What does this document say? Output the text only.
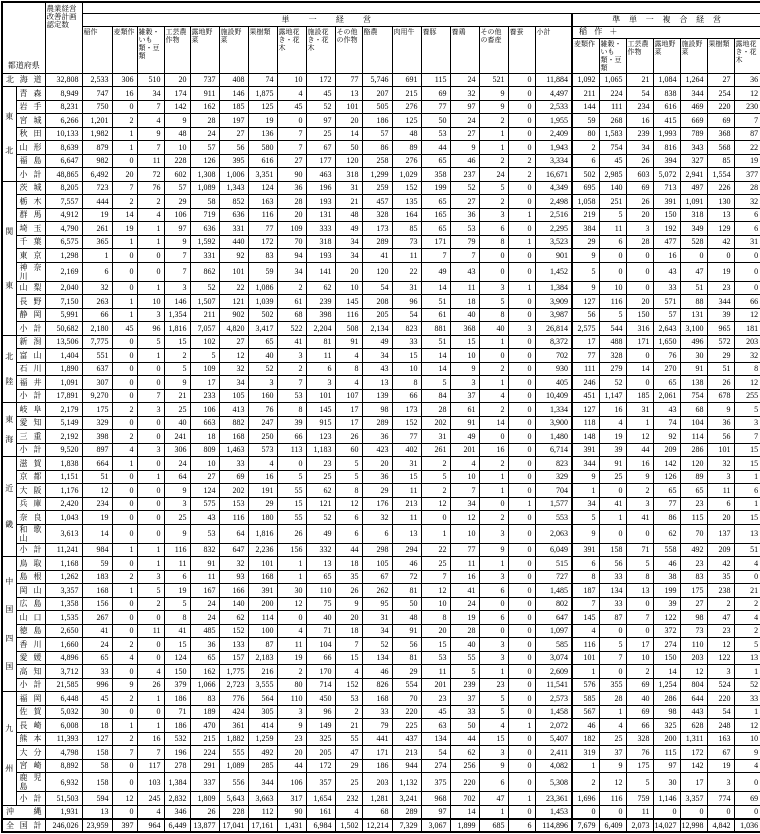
都道府県		農業経営改善計画認定数																								
			単一経営																	準単一複合経営						
			稲作	麦類作	雑穀・いも類・豆類	工芸農作物	露地野菜	施設野菜	果樹類	露地花き・花木	施設花き・花木	その他の作物	酪農	肉用牛	養豚	養鶏	その他の畜産	養蚕	小計	稲作＋						
																				麦類作	雑穀・いも類・豆類	工芸農作物	露地野菜	施設野菜	果樹類	露地花き・花木
北海道		32,808	2,533	306	510	20	737	408	74	10	172	77	5,746	691	115	24	521	0	11,884	1,092	1,065	21	1,084	1,264	27	36

東
北	青森	8,949	747	16	34	174	911	146	1,875	4	45	13	207	215	69	32	9	0	4,497	211	224	54	838	344	254	12
	岩手	8,231	750	0	7	142	162	185	125	45	52	101	505	276	77	97	9	0	2,533	144	111	234	616	469	220	230
	宮城	6,266	1,201	2	4	9	28	197	19	0	97	20	186	125	50	24	2	0	1,955	59	268	16	415	669	69	7
	秋田	10,133	1,982	1	9	48	24	27	136	7	25	14	57	48	53	27	1	0	2,409	80	1,583	239	1,993	789	368	87
	山形	8,639	879	1	7	10	57	56	580	7	67	50	86	89	44	9	1	0	1,943	2	754	34	816	343	568	22
	福島	6,647	982	0	11	228	126	395	616	27	177	120	258	276	65	46	2	2	3,334	6	45	26	394	327	85	19
	小計	48,865	6,492	20	72	602	1,308	1,006	3,351	90	463	318	1,299	1,029	358	237	24	2	16,671	502	2,985	603	5,072	2,941	1,554	377

関
東	茨城	8,205	723	7	76	57	1,089	1,343	124	36	196	31	259	152	199	52	5	0	4,349	695	140	69	713	497	226	28
	栃木	7,557	444	2	2	29	58	852	163	28	193	21	457	135	65	27	2	0	2,498	1,058	251	26	391	1,091	130	32
	群馬	4,912	19	14	4	106	719	636	116	20	131	48	328	164	165	36	3	1	2,516	219	5	20	150	318	13	6
	埼玉	4,790	261	19	1	97	636	331	77	109	333	49	173	85	65	53	6	0	2,295	384	11	3	192	349	129	6
	千葉	6,575	365	1	1	9	1,592	440	172	70	318	34	289	73	171	79	8	1	3,523	29	6	28	477	528	42	31
	東京	1,298	1	0	0	7	331	92	83	94	193	34	41	11	7	7	0	0	901	9	0	0	16	0	0	0
	神奈川	2,169	6	0	0	7	862	101	59	34	141	20	120	22	49	43	0	0	1,452	5	0	0	43	47	19	0
	山梨	2,040	32	0	1	3	52	22	1,086	2	62	10	54	31	14	11	3	1	1,384	9	10	0	33	51	23	0
	長野	7,150	263	1	10	146	1,507	121	1,039	61	239	145	208	96	51	18	5	0	3,909	127	116	20	571	88	344	66
	静岡	5,991	66	1	3	1,354	211	902	502	68	398	116	205	54	61	40	8	0	3,987	56	5	150	57	131	39	12
	小計	50,682	2,180	45	96	1,816	7,057	4,820	3,417	522	2,204	508	2,134	823	881	368	40	3	26,814	2,575	544	316	2,643	3,100	965	181

北
陸	新潟	13,506	7,775	0	5	15	102	27	65	41	81	91	49	33	51	15	1	0	8,372	17	488	171	1,650	496	572	203
	富山	1,404	551	0	1	2	5	12	40	3	11	4	34	15	14	10	0	0	702	77	328	0	76	30	29	32
	石川	1,890	637	0	0	5	109	32	52	2	6	8	43	10	14	9	2	0	930	111	279	14	270	91	51	8
	福井	1,091	307	0	0	9	17	34	3	7	3	4	13	8	5	3	1	0	405	246	52	0	65	138	26	12
	小計	17,891	9,270	0	7	21	233	105	160	53	101	107	139	66	84	37	4	0	10,409	451	1,147	185	2,061	754	678	255

東
海	岐阜	2,179	175	2	3	25	106	413	76	8	145	17	98	173	28	61	2	0	1,334	127	16	31	43	68	9	5
	愛知	5,149	329	0	0	40	663	882	247	39	915	17	289	152	202	91	14	0	3,900	118	4	1	74	104	36	3
	三重	2,192	398	2	0	241	18	168	250	66	123	26	36	77	31	49	0	0	1,480	148	19	12	92	114	56	7
	小計	9,520	897	4	3	306	809	1,463	573	113	1,183	60	423	402	261	201	16	0	6,714	391	39	44	209	286	101	15

近
畿	滋賀	1,838	664	1	0	24	10	33	4	0	23	5	20	31	2	4	2	0	823	344	91	16	142	120	32	15
	京都	1,151	51	0	1	64	27	69	16	5	25	5	36	15	5	10	1	0	329	9	25	9	126	89	3	1
	大阪	1,176	12	0	0	9	124	202	191	55	62	8	29	11	2	7	1	0	704	1	0	2	65	65	11	6
	兵庫	2,420	234	0	0	3	575	153	29	15	121	12	176	213	12	34	0	1	1,577	34	41	3	77	23	6	1
	奈良	1,043	19	0	0	25	43	116	180	55	52	6	32	11	0	12	2	0	553	5	1	41	86	115	20	15
	和歌山	3,613	14	0	0	9	53	64	1,816	26	49	6	6	13	1	10	3	0	2,063	9	0	0	62	70	137	13
	小計	11,241	984	1	1	116	832	647	2,236	156	332	44	298	294	22	77	9	0	6,049	391	158	71	558	492	209	51

中
国
四
国	鳥取	1,168	59	0	1	11	91	32	101	1	13	18	105	46	25	11	1	0	515	6	56	5	46	23	42	4
	島根	1,262	183	2	3	6	11	93	168	1	65	35	67	72	7	16	3	0	727	8	33	8	38	83	35	0
	岡山	3,357	168	1	5	19	167	166	391	30	110	26	262	81	12	41	6	0	1,485	187	134	13	199	175	238	21
	広島	1,358	156	0	2	5	24	140	200	12	75	9	95	50	10	24	0	0	802	7	33	0	39	27	2	2
	山口	1,535	267	0	0	8	24	62	114	0	40	20	31	48	8	19	6	0	647	145	87	7	122	98	47	4
	徳島	2,650	41	0	11	41	485	152	100	4	71	18	34	91	20	28	0	0	1,097	4	0	0	372	73	23	2
	香川	1,660	24	2	0	15	36	133	87	11	104	7	52	56	15	40	3	0	585	116	5	17	274	110	12	5
	愛媛	4,896	65	4	0	124	65	157	2,183	19	66	15	134	81	53	55	3	0	3,074	101	7	10	150	203	122	13
	高知	3,712	33	0	4	150	162	1,775	216	2	170	4	46	29	11	5	1	0	2,609	1	0	2	14	12	3	1
	小計	21,585	996	9	26	379	1,066	2,723	3,555	80	714	152	826	554	201	239	23	0	11,541	576	355	69	1,254	804	524	52

九
州	福岡	6,448	45	2	1	186	83	776	564	110	450	53	168	70	23	37	5	0	2,573	585	28	40	286	644	220	33
	佐賀	5,032	30	0	0	71	189	424	305	3	96	2	33	220	45	33	5	0	1,458	567	1	69	98	443	54	1
	長崎	6,008	18	1	1	186	470	361	414	9	149	21	79	225	63	50	4	1	2,072	46	4	66	325	628	248	12
	熊本	11,393	127	2	16	532	215	1,882	1,259	23	325	55	441	437	134	44	15	0	5,407	182	25	328	200	1,311	163	10
	大分	4,798	158	7	7	196	224	555	492	20	205	47	171	213	54	62	3	0	2,411	319	37	76	115	172	67	9
	宮崎	8,892	58	0	117	278	291	1,089	285	44	172	29	186	944	274	256	9	0	4,082	1	9	175	97	142	19	4
	鹿児島	6,932	158	0	103	1,384	337	556	344	106	357	25	203	1,132	375	220	6	0	5,308	2	12	5	30	17	3	0
	小計	51,503	594	12	245	2,832	1,809	5,643	3,663	317	1,654	232	1,281	3,241	968	702	47	1	23,361	1,696	116	759	1,146	3,357	774	69
沖縄		1,931	13	0	4	346	26	228	112	90	161	4	68	289	97	14	1	0	1,453	0	0	11	0	0	0	0
全国計		246,026	23,959	397	964	6,449	13,877	17,041	17,161	1,431	6,984	1,502	12,214	7,329	3,067	1,899	685	6	114,896	7,679	6,409	2,073	14,027	12,998	4,842	1,036
